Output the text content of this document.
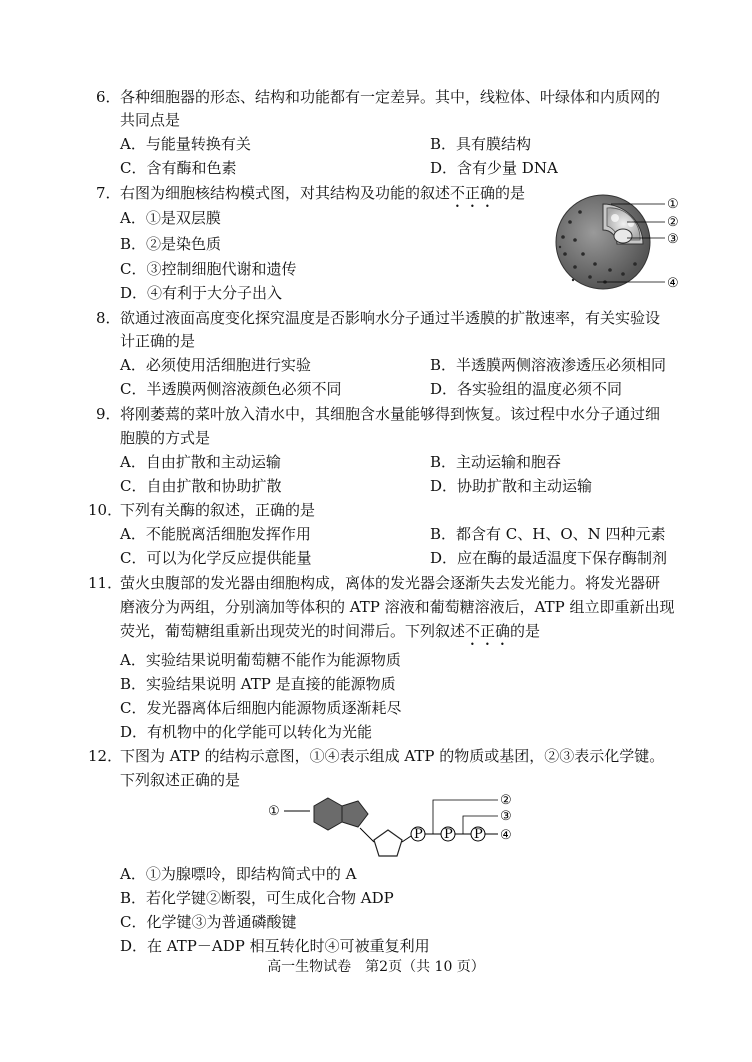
6． 各种细胞器的形态、结构和功能都有一定差异。其中，线粒体、叶绿体和内质网的
共同点是
A．与能量转换有关	B．具有膜结构
C．含有酶和色素	D．含有少量 DNA
7． 右图为细胞核结构模式图，对其结构及功能的叙述不正确的是
A．①是双层膜
B．②是染色质
C．③控制细胞代谢和遗传
D．④有利于大分子出入
①
②
③
④
8． 欲通过液面高度变化探究温度是否影响水分子通过半透膜的扩散速率，有关实验设
计正确的是
A．必须使用活细胞进行实验	B．半透膜两侧溶液渗透压必须相同
C．半透膜两侧溶液颜色必须不同	D．各实验组的温度必须不同
9． 将刚萎蔫的菜叶放入清水中，其细胞含水量能够得到恢复。该过程中水分子通过细
胞膜的方式是
A．自由扩散和主动运输	B．主动运输和胞吞
C．自由扩散和协助扩散	D．协助扩散和主动运输
10．
下列有关酶的叙述，正确的是
A．不能脱离活细胞发挥作用	B．都含有 C、H、O、N 四种元素
C．可以为化学反应提供能量	D．应在酶的最适温度下保存酶制剂
11．
萤火虫腹部的发光器由细胞构成，离体的发光器会逐渐失去发光能力。将发光器研
磨液分为两组，分别滴加等体积的 ATP 溶液和葡萄糖溶液后，ATP 组立即重新出现
荧光，葡萄糖组重新出现荧光的时间滞后。下列叙述不正确的是
A．实验结果说明葡萄糖不能作为能源物质
B．实验结果说明 ATP 是直接的能源物质
C．发光器离体后细胞内能源物质逐渐耗尽
D．有机物中的化学能可以转化为光能
12．
下图为 ATP 的结构示意图，①④表示组成 ATP 的物质或基团，②③表示化学键。
下列叙述正确的是
①
P P P ④
②
③
A．①为腺嘌呤，即结构简式中的 A
B．若化学键②断裂，可生成化合物 ADP
C．化学键③为普通磷酸键
D．在 ATP－ADP 相互转化时④可被重复利用
高一生物试卷　第2页（共 10 页）
